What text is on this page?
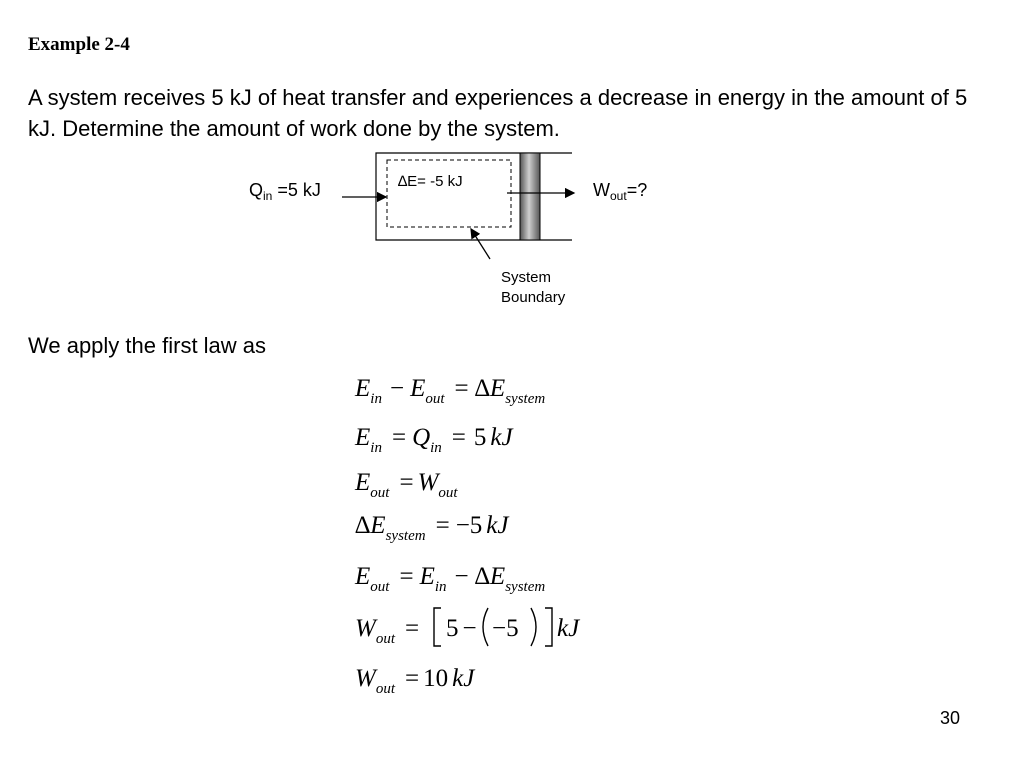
Example 2-4
A system receives 5 kJ of heat transfer and experiences a decrease in energy in the amount of 5 kJ. Determine the amount of work done by the system.
∆E= -5 kJ
$Q_{in} =5$ kJ	$W_{out}=$?
System
Boundary
We apply the first law as
Ein − Eout = ∆Esystem
Ein = Qin = 5 kJ
Eout = Wout
∆Esystem = −5 kJ
Eout = Ein − ∆Esystem
Wout = 5 − −5 kJ
Wout = 10 kJ
30
